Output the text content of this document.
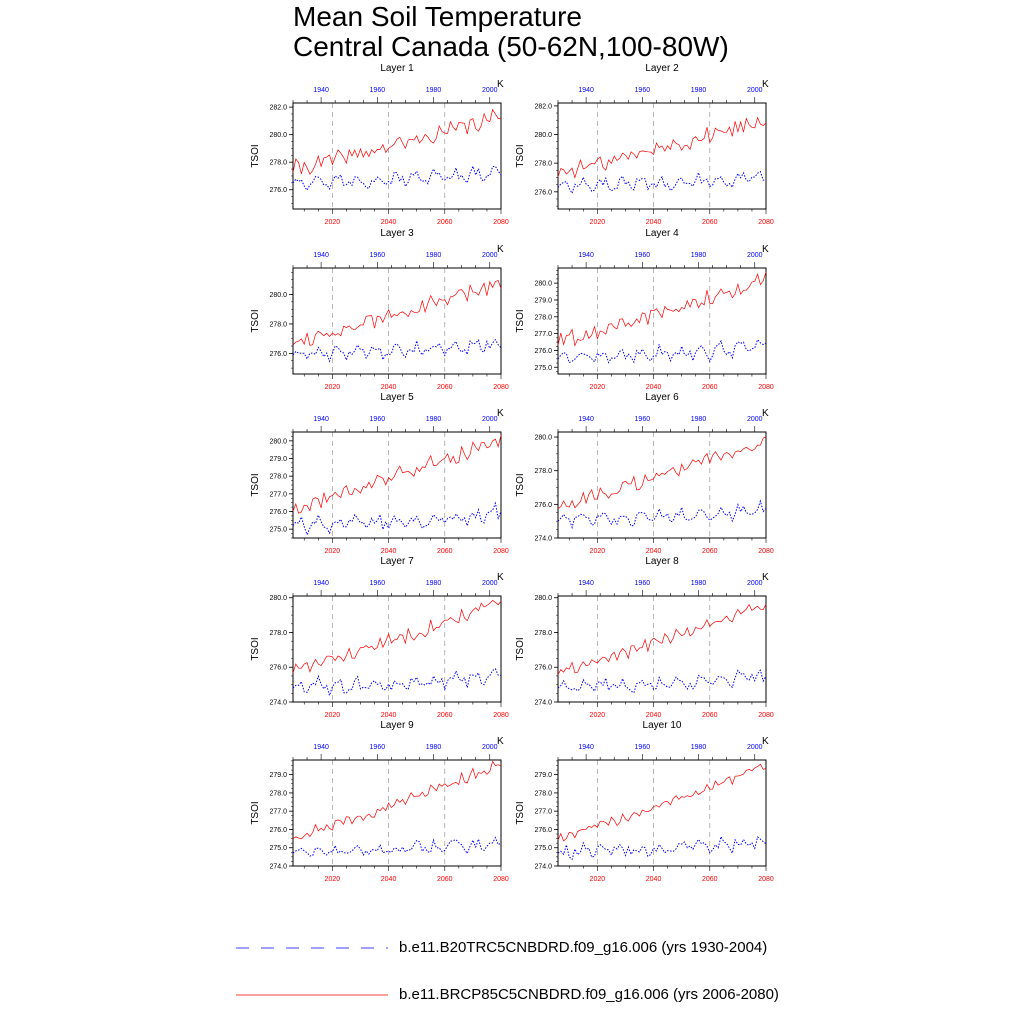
Mean Soil Temperature
Central Canada (50-62N,100-80W)
Layer 1
TSOI
K
276.0
278.0
280.0
282.0
2020	2040	2060	2080
1940	1960	1980	2000
Layer 2
TSOI
K
276.0
278.0
280.0
282.0
2020	2040	2060	2080
1940	1960	1980	2000
Layer 3
TSOI
K
276.0
278.0
280.0
2020	2040	2060	2080
1940	1960	1980	2000
Layer 4
TSOI
K
275.0
276.0
277.0
278.0
279.0
280.0
2020	2040	2060	2080
1940	1960	1980	2000
Layer 5
TSOI
K
275.0
276.0
277.0
278.0
279.0
280.0
2020	2040	2060	2080
1940	1960	1980	2000
Layer 6
TSOI
K
274.0
276.0
278.0
280.0
2020	2040	2060	2080
1940	1960	1980	2000
Layer 7
TSOI
K
274.0
276.0
278.0
280.0
2020	2040	2060	2080
1940	1960	1980	2000
Layer 8
TSOI
K
274.0
276.0
278.0
280.0
2020	2040	2060	2080
1940	1960	1980	2000
Layer 9
TSOI
K
274.0
275.0
276.0
277.0
278.0
279.0
2020	2040	2060	2080
1940	1960	1980	2000
Layer 10
TSOI
K
274.0
275.0
276.0
277.0
278.0
279.0
2020	2040	2060	2080
1940	1960	1980	2000
b.e11.B20TRC5CNBDRD.f09_g16.006 (yrs 1930-2004)
b.e11.BRCP85C5CNBDRD.f09_g16.006 (yrs 2006-2080)
